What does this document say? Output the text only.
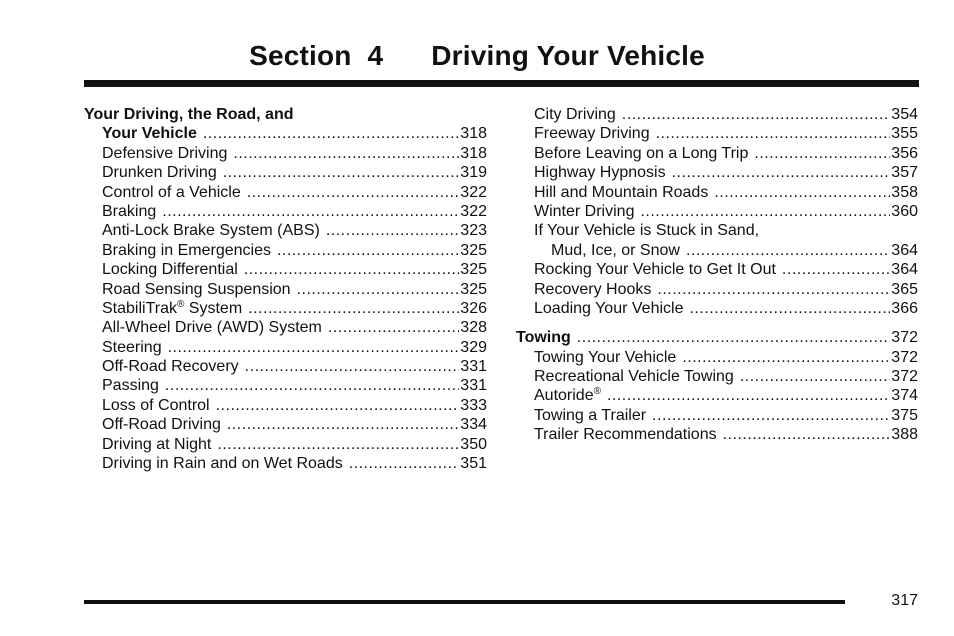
Section  4      Driving Your Vehicle
Your Driving, the Road, and
Your Vehicle .....	318
Defensive Driving .....	318
Drunken Driving .....	319
Control of a Vehicle .....	322
Braking .....	322
Anti-Lock Brake System (ABS) .....	323
Braking in Emergencies .....	325
Locking Differential .....	325
Road Sensing Suspension .....	325
StabiliTrak® System .....	326
All-Wheel Drive (AWD) System .....	328
Steering .....	329
Off-Road Recovery .....	331
Passing .....	331
Loss of Control .....	333
Off-Road Driving .....	334
Driving at Night .....	350
Driving in Rain and on Wet Roads .....	351
City Driving .....	354
Freeway Driving .....	355
Before Leaving on a Long Trip .....	356
Highway Hypnosis .....	357
Hill and Mountain Roads .....	358
Winter Driving .....	360
If Your Vehicle is Stuck in Sand,
Mud, Ice, or Snow .....	364
Rocking Your Vehicle to Get It Out .....	364
Recovery Hooks .....	365
Loading Your Vehicle .....	366
Towing .....	372
Towing Your Vehicle .....	372
Recreational Vehicle Towing .....	372
Autoride® .....	374
Towing a Trailer .....	375
Trailer Recommendations .....	388
317
